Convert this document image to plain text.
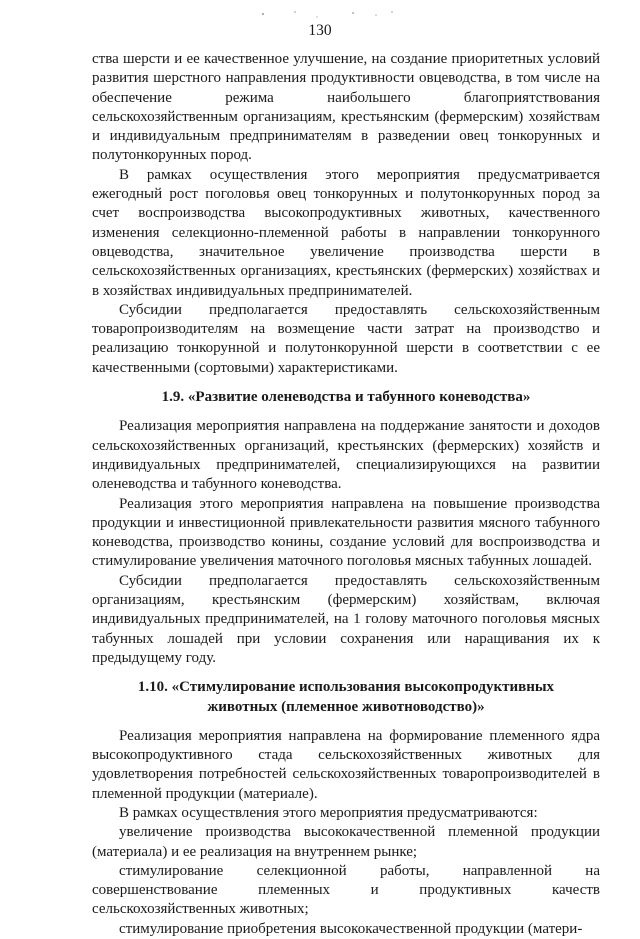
130

ства шерсти и ее качественное улучшение, на создание приоритетных условий развития шерстного направления продуктивности овцеводства, в том числе на обеспечение режима наибольшего благоприятствования сельскохозяйственным организациям, крестьянским (фермерским) хозяйствам и индивидуальным предпринимателям в разведении овец тонкорунных и полутонкорунных пород.

В рамках осуществления этого мероприятия предусматривается ежегодный рост поголовья овец тонкорунных и полутонкорунных пород за счет воспроизводства высокопродуктивных животных, качественного изменения селекционно-племенной работы в направлении тонкорунного овцеводства, значительное увеличение производства шерсти в сельскохозяйственных организациях, крестьянских (фермерских) хозяйствах и в хозяйствах индивидуальных предпринимателей.

Субсидии предполагается предоставлять сельскохозяйственным товаропроизводителям на возмещение части затрат на производство и реализацию тонкорунной и полутонкорунной шерсти в соответствии с ее качественными (сортовыми) характеристиками.

1.9. «Развитие оленеводства и табунного коневодства»

Реализация мероприятия направлена на поддержание занятости и доходов сельскохозяйственных организаций, крестьянских (фермерских) хозяйств и индивидуальных предпринимателей, специализирующихся на развитии оленеводства и табунного коневодства.

Реализация этого мероприятия направлена на повышение производства продукции и инвестиционной привлекательности развития мясного табунного коневодства, производство конины, создание условий для воспроизводства и стимулирование увеличения маточного поголовья мясных табунных лошадей.

Субсидии предполагается предоставлять сельскохозяйственным организациям, крестьянским (фермерским) хозяйствам, включая индивидуальных предпринимателей, на 1 голову маточного поголовья мясных табунных лошадей при условии сохранения или наращивания их к предыдущему году.

1.10. «Стимулирование использования высокопродуктивных
животных (племенное животноводство)»

Реализация мероприятия направлена на формирование племенного ядра высокопродуктивного стада сельскохозяйственных животных для удовлетворения потребностей сельскохозяйственных товаропроизводителей в племенной продукции (материале).

В рамках осуществления этого мероприятия предусматриваются:

увеличение производства высококачественной племенной продукции (материала) и ее реализация на внутреннем рынке;

стимулирование селекционной работы, направленной на совершенствование племенных и продуктивных качеств сельскохозяйственных животных;

стимулирование приобретения высококачественной продукции (матери-
